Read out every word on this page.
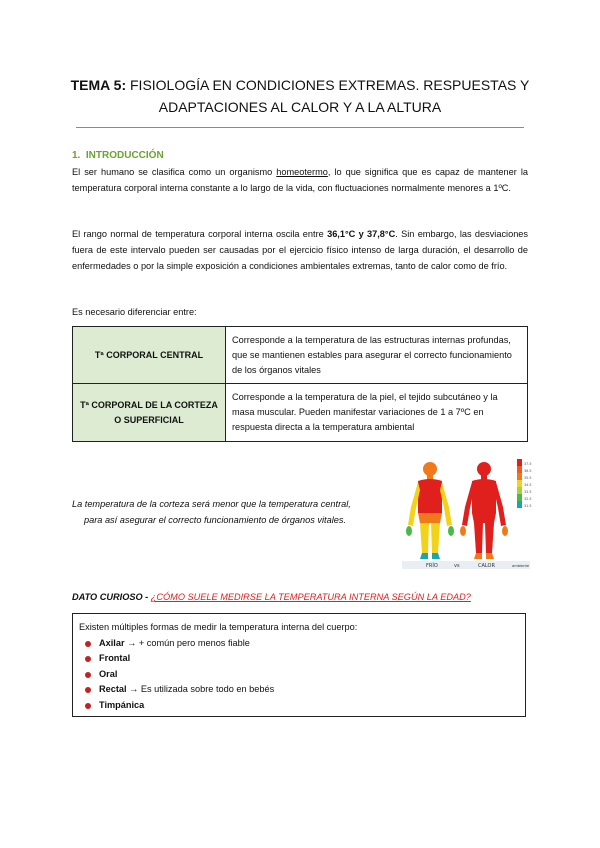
TEMA 5: FISIOLOGÍA EN CONDICIONES EXTREMAS. RESPUESTAS Y
ADAPTACIONES AL CALOR Y A LA ALTURA
1. INTRODUCCIÓN
El ser humano se clasifica como un organismo homeotermo, lo que significa que es capaz de mantener la temperatura corporal interna constante a lo largo de la vida, con fluctuaciones normalmente menores a 1ºC.
El rango normal de temperatura corporal interna oscila entre 36,1°C y 37,8°C. Sin embargo, las desviaciones fuera de este intervalo pueden ser causadas por el ejercicio físico intenso de larga duración, el desarrollo de enfermedades o por la simple exposición a condiciones ambientales extremas, tanto de calor como de frío.
Es necesario diferenciar entre:
Tª CORPORAL CENTRAL	Corresponde a la temperatura de las estructuras internas profundas, que se mantienen estables para asegurar el correcto funcionamiento de los órganos vitales
Tª CORPORAL DE LA CORTEZA O SUPERFICIAL	Corresponde a la temperatura de la piel, el tejido subcutáneo y la masa muscular. Pueden manifestar variaciones de 1 a 7ºC en respuesta directa a la temperatura ambiental
La temperatura de la corteza será menor que la temperatura central,
para así asegurar el correcto funcionamiento de órganos vitales.
37.5
36.5
35.5
34.5
33.5
32.5
31.5
FRÍO	vs	CALOR	ambiente
DATO CURIOSO - ¿CÓMO SUELE MEDIRSE LA TEMPERATURA INTERNA SEGÚN LA EDAD?
Existen múltiples formas de medir la temperatura interna del cuerpo:
Axilar → + común pero menos fiable
Frontal
Oral
Rectal → Es utilizada sobre todo en bebés
Timpánica
